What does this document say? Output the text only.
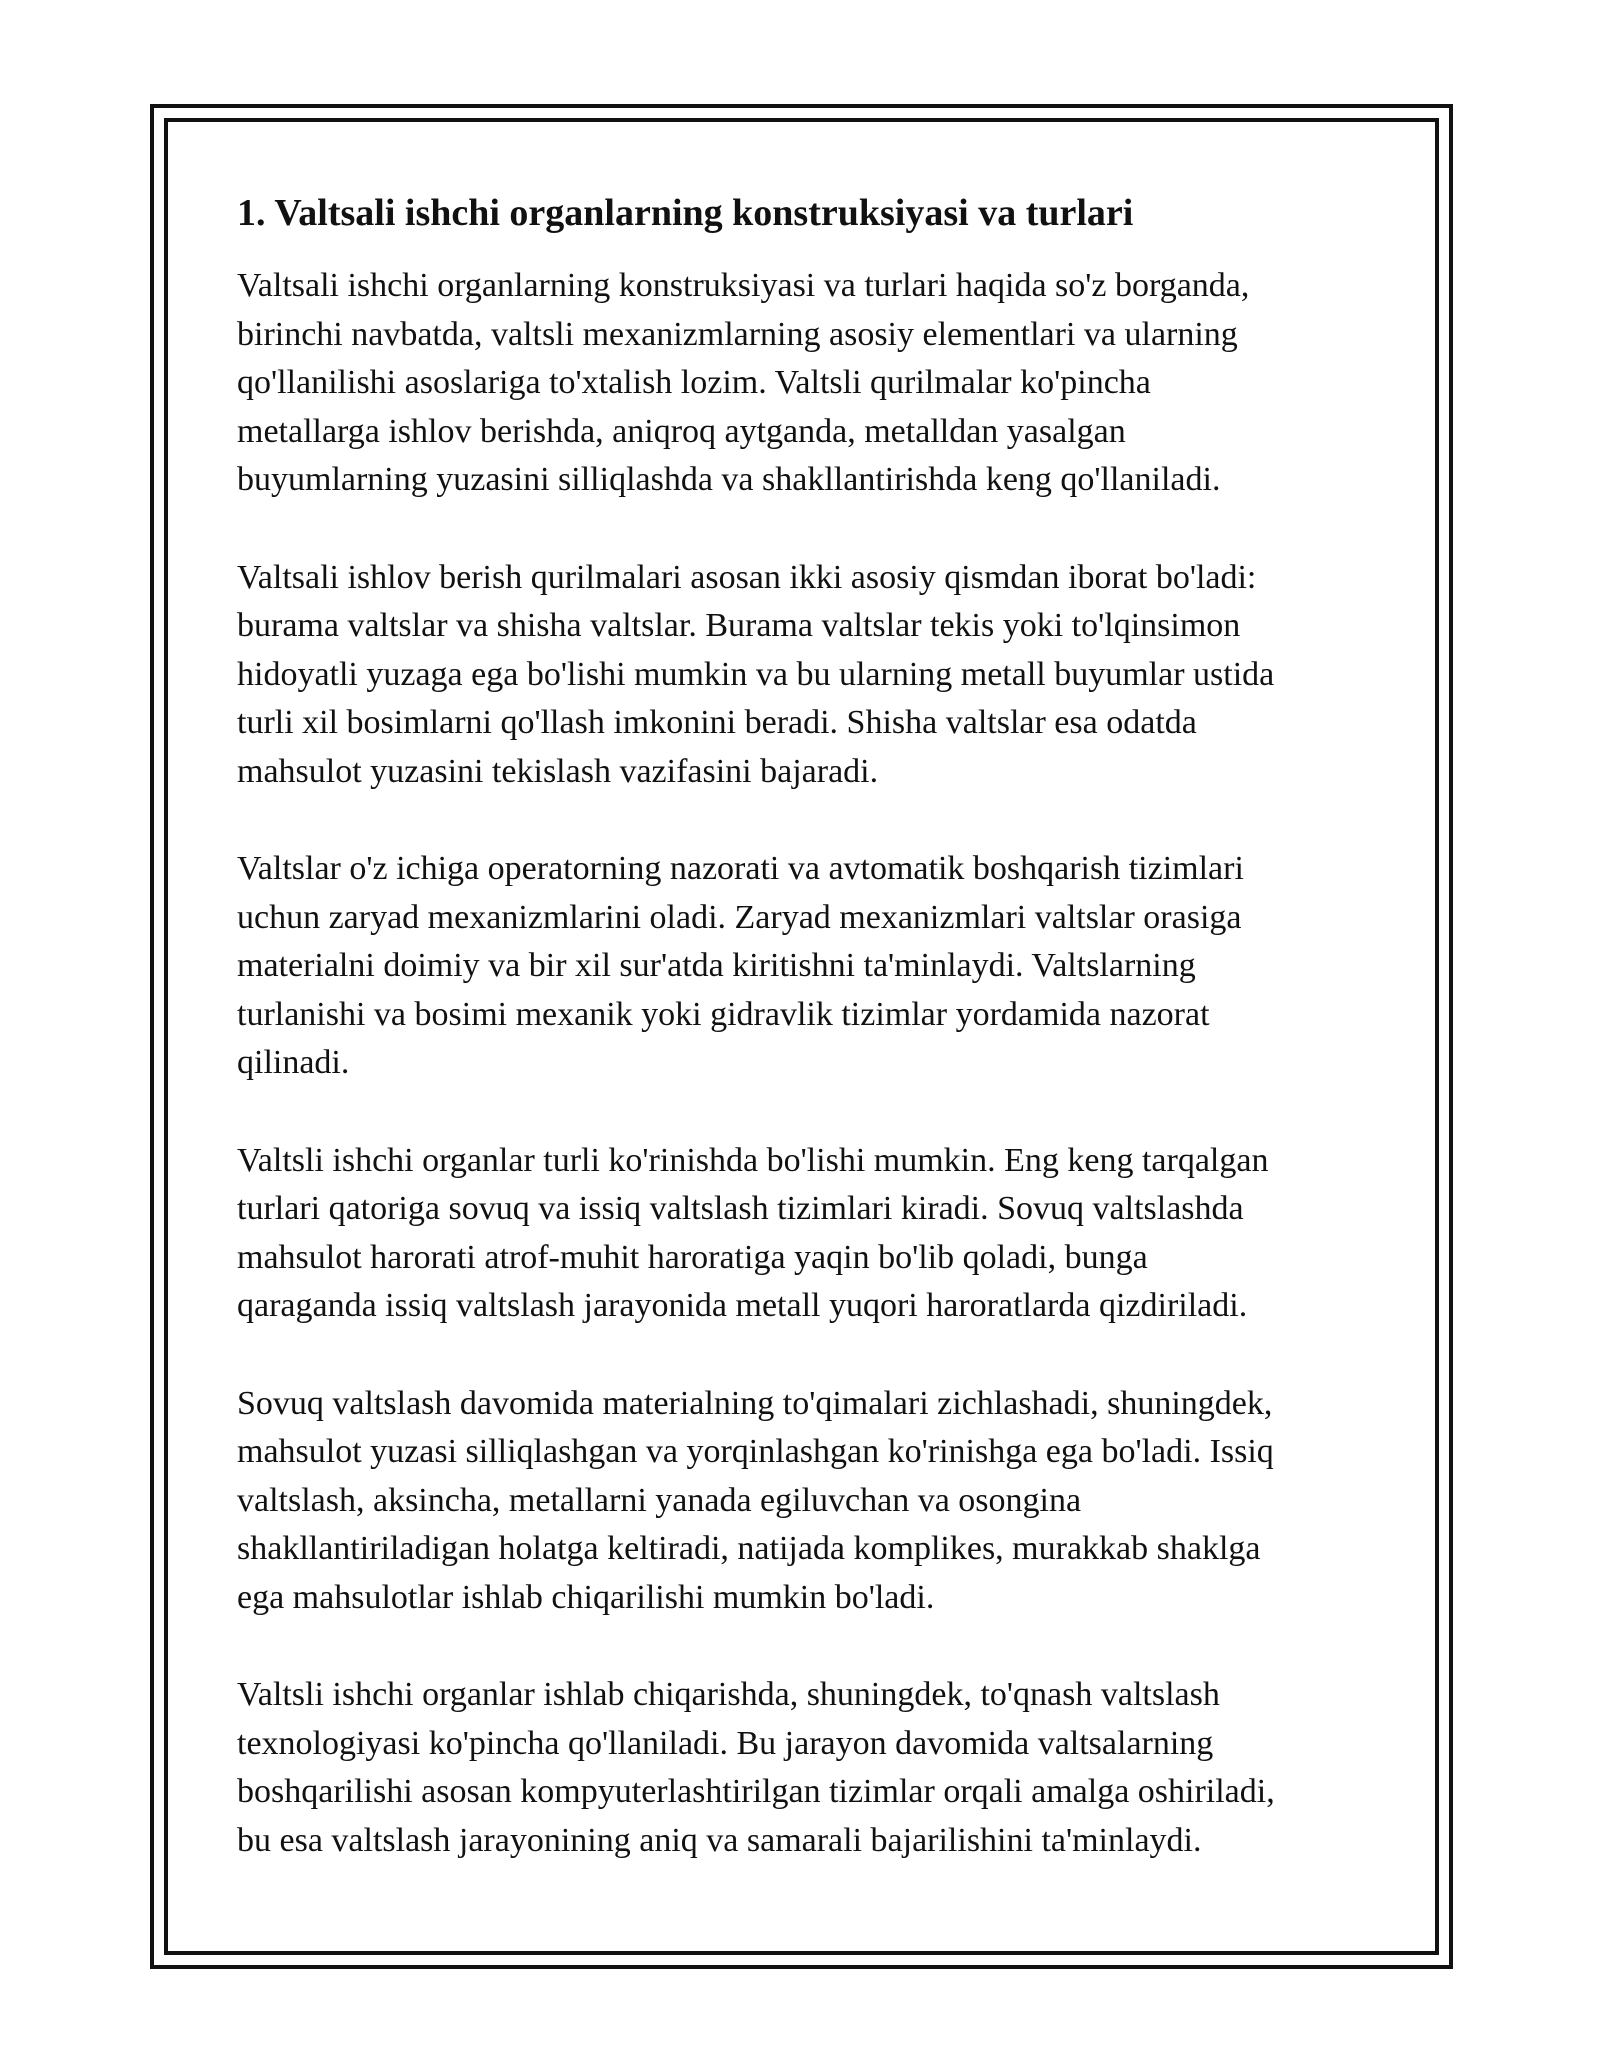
1. Valtsali ishchi organlarning konstruksiyasi va turlari

Valtsali ishchi organlarning konstruksiyasi va turlari haqida so'z borganda,
birinchi navbatda, valtsli mexanizmlarning asosiy elementlari va ularning
qo'llanilishi asoslariga to'xtalish lozim. Valtsli qurilmalar ko'pincha
metallarga ishlov berishda, aniqroq aytganda, metalldan yasalgan
buyumlarning yuzasini silliqlashda va shakllantirishda keng qo'llaniladi.

Valtsali ishlov berish qurilmalari asosan ikki asosiy qismdan iborat bo'ladi:
burama valtslar va shisha valtslar. Burama valtslar tekis yoki to'lqinsimon
hidoyatli yuzaga ega bo'lishi mumkin va bu ularning metall buyumlar ustida
turli xil bosimlarni qo'llash imkonini beradi. Shisha valtslar esa odatda
mahsulot yuzasini tekislash vazifasini bajaradi.

Valtslar o'z ichiga operatorning nazorati va avtomatik boshqarish tizimlari
uchun zaryad mexanizmlarini oladi. Zaryad mexanizmlari valtslar orasiga
materialni doimiy va bir xil sur'atda kiritishni ta'minlaydi. Valtslarning
turlanishi va bosimi mexanik yoki gidravlik tizimlar yordamida nazorat
qilinadi.

Valtsli ishchi organlar turli ko'rinishda bo'lishi mumkin. Eng keng tarqalgan
turlari qatoriga sovuq va issiq valtslash tizimlari kiradi. Sovuq valtslashda
mahsulot harorati atrof-muhit haroratiga yaqin bo'lib qoladi, bunga
qaraganda issiq valtslash jarayonida metall yuqori haroratlarda qizdiriladi.

Sovuq valtslash davomida materialning to'qimalari zichlashadi, shuningdek,
mahsulot yuzasi silliqlashgan va yorqinlashgan ko'rinishga ega bo'ladi. Issiq
valtslash, aksincha, metallarni yanada egiluvchan va osongina
shakllantiriladigan holatga keltiradi, natijada komplikes, murakkab shaklga
ega mahsulotlar ishlab chiqarilishi mumkin bo'ladi.

Valtsli ishchi organlar ishlab chiqarishda, shuningdek, to'qnash valtslash
texnologiyasi ko'pincha qo'llaniladi. Bu jarayon davomida valtsalarning
boshqarilishi asosan kompyuterlashtirilgan tizimlar orqali amalga oshiriladi,
bu esa valtslash jarayonining aniq va samarali bajarilishini ta'minlaydi.
